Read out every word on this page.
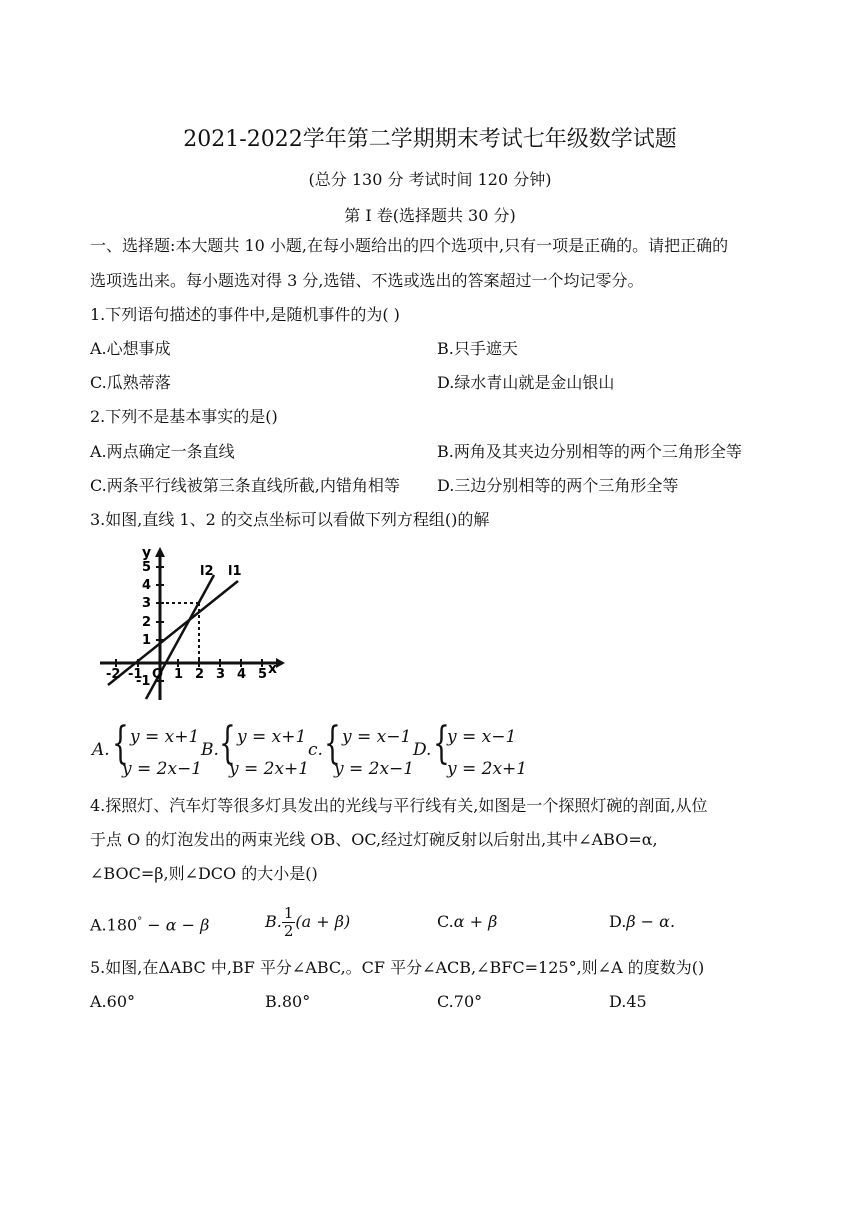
2021-2022学年第二学期期末考试七年级数学试题
(总分 130 分 考试时间 120 分钟)
第 I 卷(选择题共 30 分)
一、选择题:本大题共 10 小题,在每小题给出的四个选项中,只有一项是正确的。请把正确的
选项选出来。每小题选对得 3 分,选错、不选或选出的答案超过一个均记零分。
1.下列语句描述的事件中,是随机事件的为( )
A.心想事成	B.只手遮天
C.瓜熟蒂落	D.绿水青山就是金山银山
2.下列不是基本事实的是()
A.两点确定一条直线	B.两角及其夹边分别相等的两个三角形全等
C.两条平行线被第三条直线所截,内错角相等 D.三边分别相等的两个三角形全等
3.如图,直线 1、2 的交点坐标可以看做下列方程组()的解
y
x
l2 l1
5
4
3
2
1
-1
-2 -1 O 1 2 3 4 5
A. { y = x+1
y = 2x−1
B. { y = x+1
y = 2x+1
c. { y = x−1
y = 2x−1
D. {
y = x−1
y = 2x+1
4.探照灯、汽车灯等很多灯具发出的光线与平行线有关,如图是一个探照灯碗的剖面,从位
于点 O 的灯泡发出的两束光线 OB、OC,经过灯碗反射以后射出,其中∠ABO=α,
∠BOC=β,则∠DCO 的大小是()
A.180° − α − β	B. $\frac{1}{2} (a + \beta)$	C.α + β	D.β − α.
5.如图,在ΔABC 中,BF 平分∠ABC,。CF 平分∠ACB,∠BFC=125°,则∠A 的度数为()
A.60°	B.80°	C.70°	D.45
